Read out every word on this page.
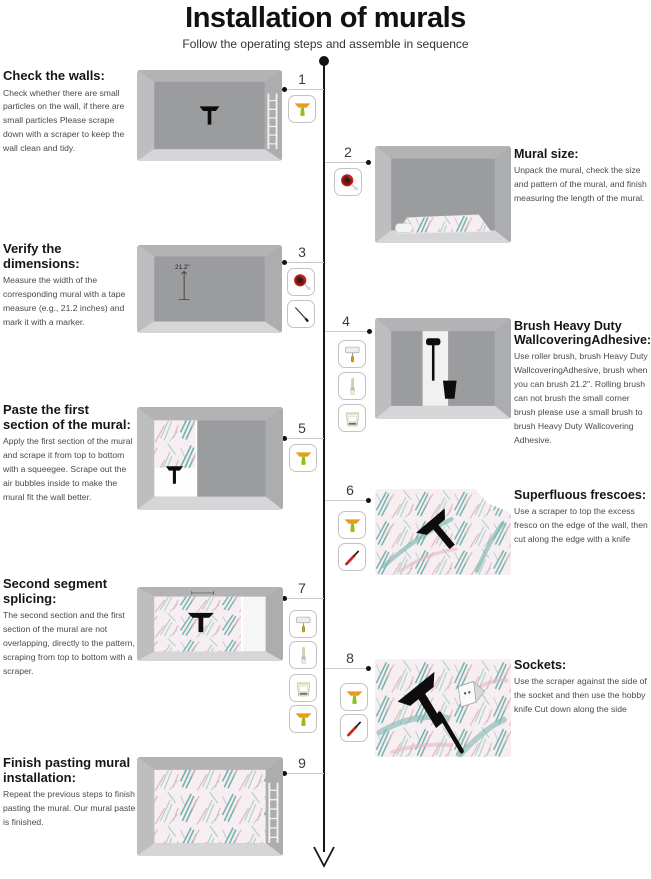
Installation of murals
Follow the operating steps and assemble in sequence
Check the walls:

Check whether there are small particles on the wall, if there are small particles Please scrape down with a scraper to keep the wall clean and tidy.

1
Mural size:

Unpack the mural, check the size and pattern of the mural, and finish measuring the length of the mural.

2
Verify the dimensions:

Measure the width of the corresponding mural with a tape measure (e.g., 21.2 inches) and mark it with a marker.

3
21.2"
Brush Heavy Duty WallcoveringAdhesive:

Use roller brush, brush Heavy Duty WallcoveringAdhesive, brush when you can brush 21.2". Rolling brush can not brush the small corner brush please use a small brush to brush Heavy Duty Wallcovering Adhesive.

4
Paste the first section of the mural:

Apply the first section of the mural and scrape it from top to bottom with a squeegee. Scrape out the air bubbles inside to make the mural fit the wall better.

5
Superfluous frescoes:

Use a scraper to top the excess fresco on the edge of the wall, then cut along the edge with a knife

6
Second segment splicing:

The second section and the first section of the mural are not overlapping, directly to the pattern, scraping from top to bottom with a scraper.

7
Sockets:

Use the scraper against the side of the socket and then use the hobby knife Cut down along the side

8
Finish pasting mural installation:

Repeat the previous steps to finish pasting the mural. Our mural paste is finished.

9
